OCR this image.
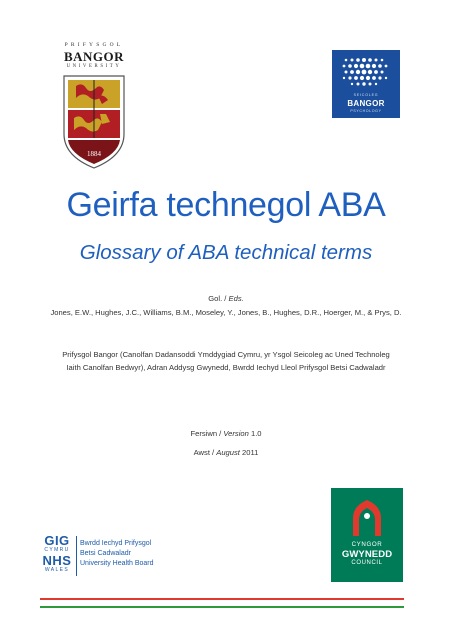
PRIFYSGOL
BANGOR
UNIVERSITY
1884
SEICOLEG
BANGOR
PSYCHOLOGY
Geirfa technegol ABA
Glossary of ABA technical terms
Gol. / Eds.
Jones, E.W., Hughes, J.C., Williams, B.M., Moseley, Y., Jones, B., Hughes, D.R., Hoerger, M., & Prys, D.
Prifysgol Bangor (Canolfan Dadansoddi Ymddygiad Cymru, yr Ysgol Seicoleg ac Uned Technoleg Iaith Canolfan Bedwyr), Adran Addysg Gwynedd, Bwrdd Iechyd Lleol Prifysgol Betsi Cadwaladr
Fersiwn / Version 1.0
Awst / August 2011
CYNGOR
GWYNEDD
COUNCIL
GIG
CYMRU
NHS
WALES
Bwrdd Iechyd Prifysgol
Betsi Cadwaladr
University Health Board
